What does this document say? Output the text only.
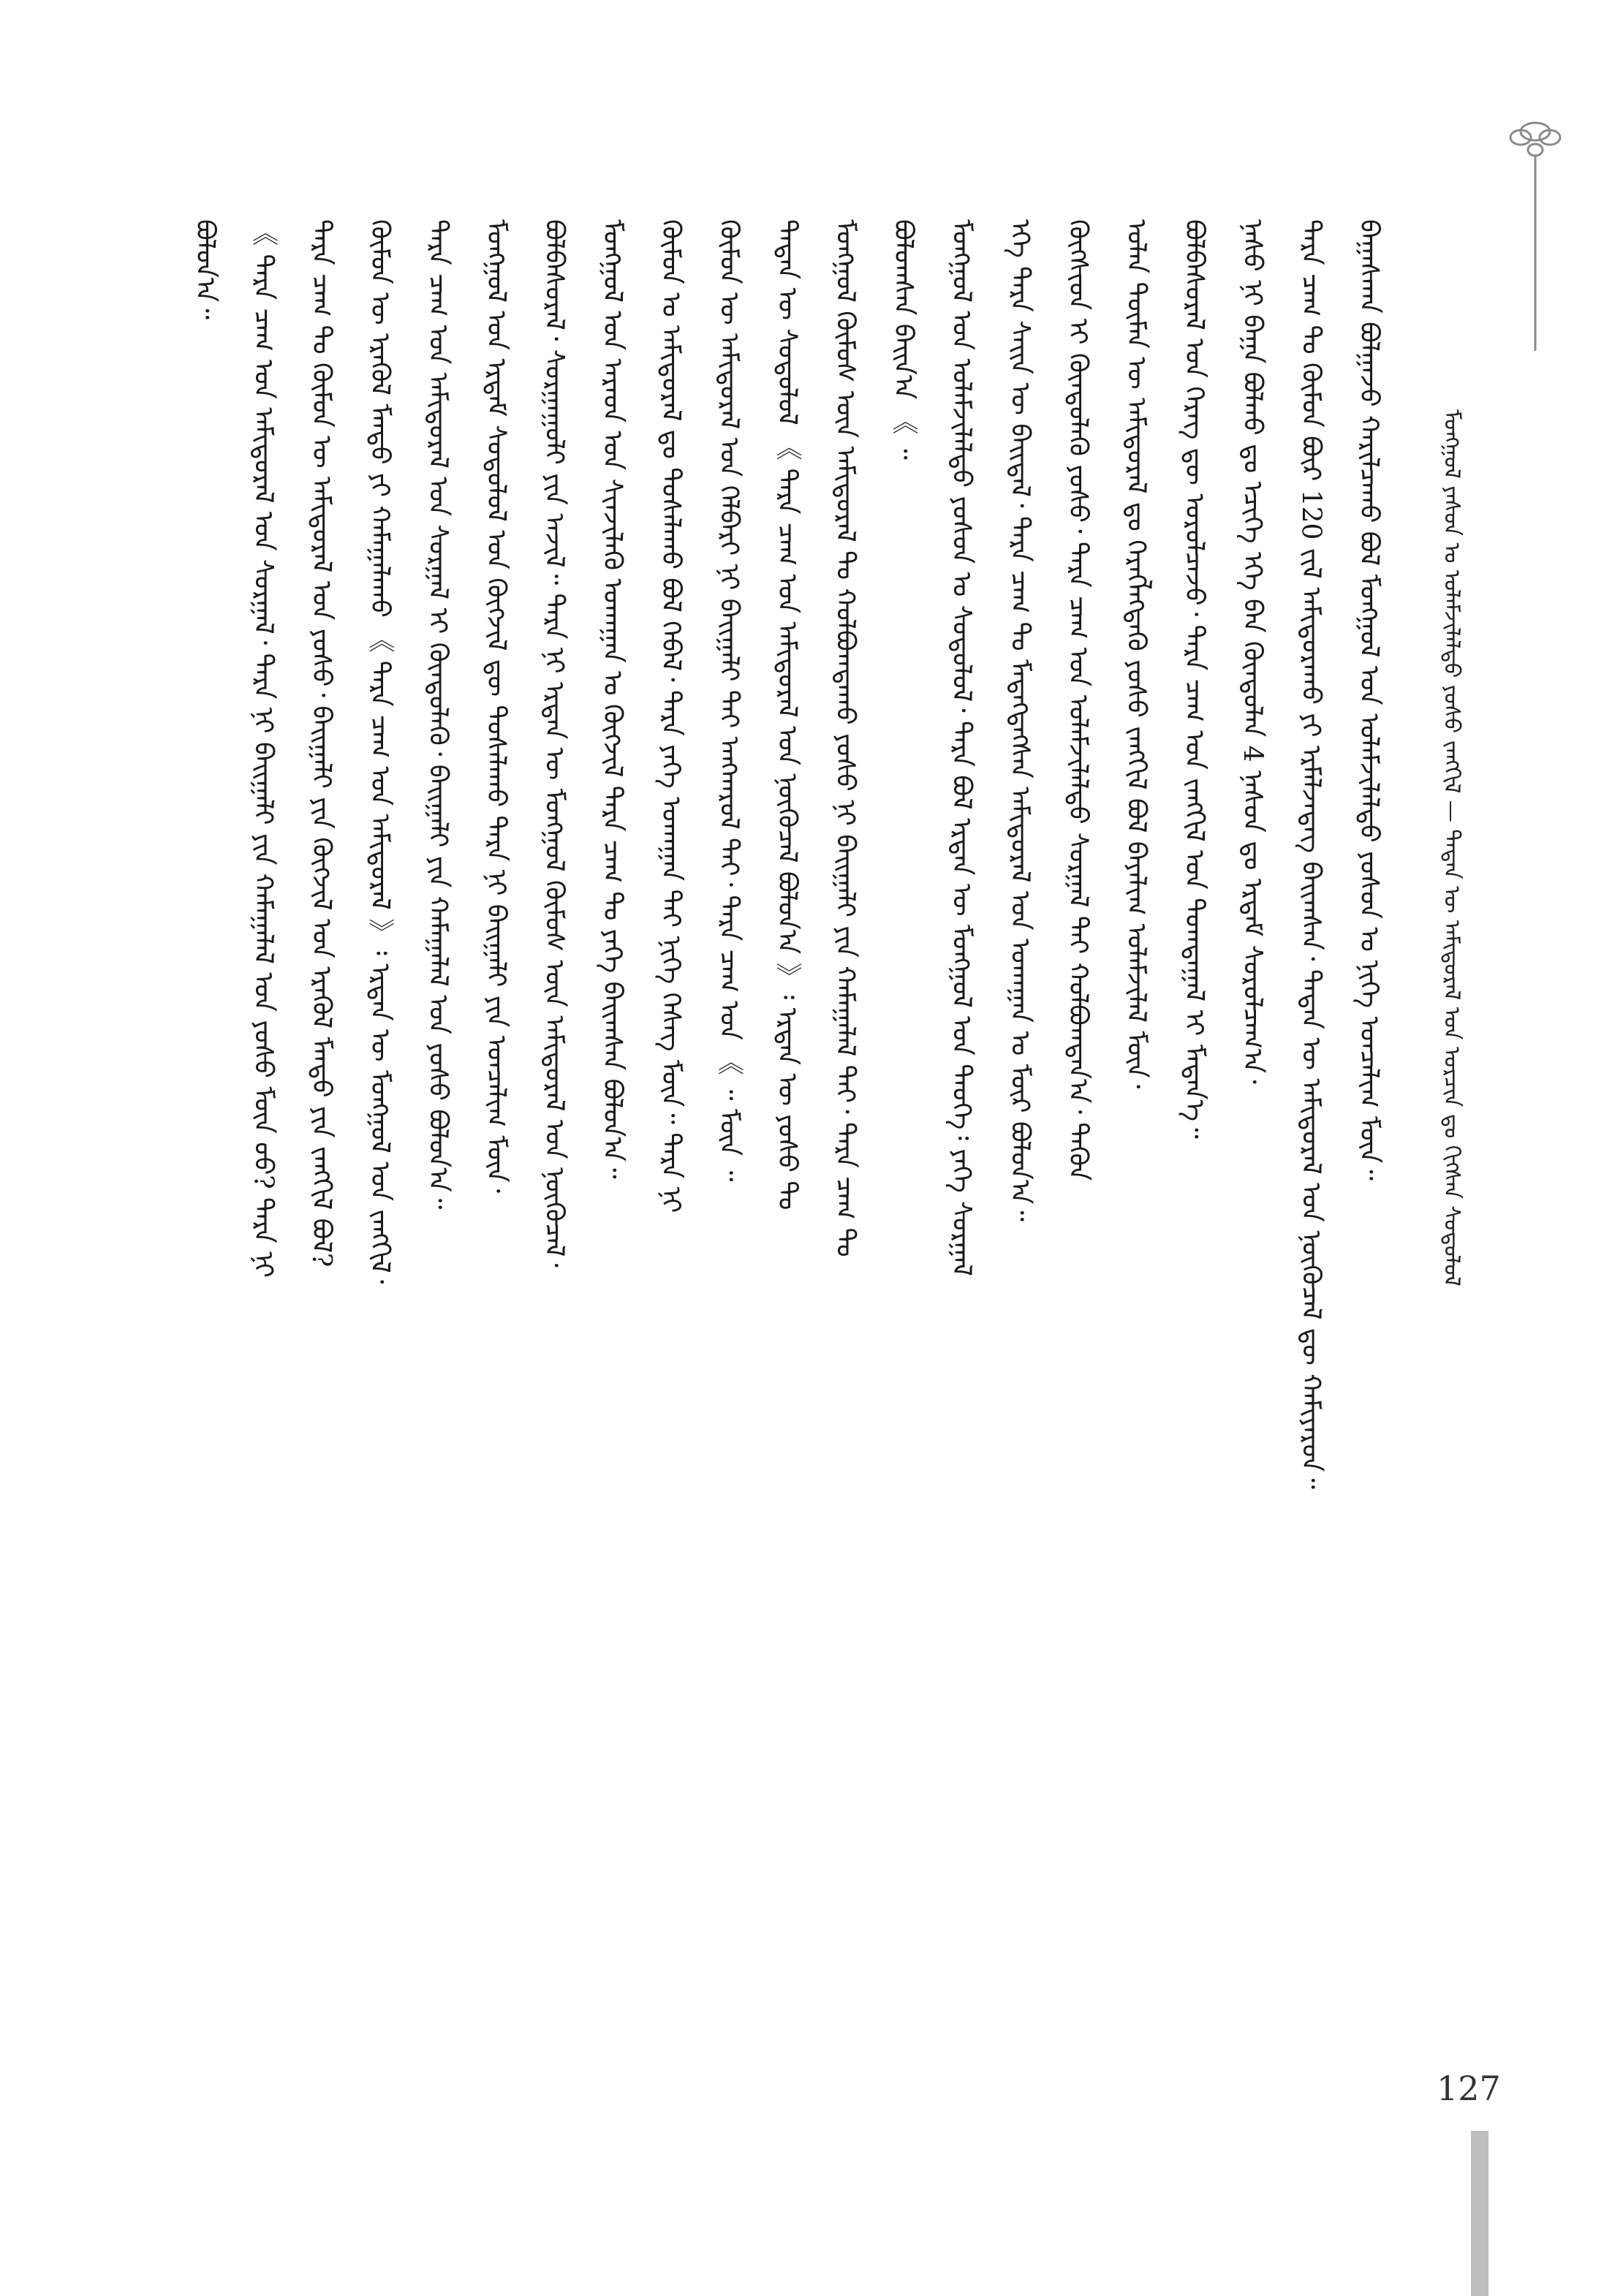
ᠮᠣᠩᠭᠣᠯ ᠶᠠᠰᠤᠨ ᠤ ᠤᠯᠠᠮᠵᠢᠯᠠᠯᠲᠤ ᠶᠣᠰᠤ ᠵᠠᠩᠬᠢᠯ — ᠲᠡᠳᠡᠨ ᠦ ᠠᠮᠢᠳᠤᠷᠠᠯ ᠤᠨ ᠣᠷᠴᠢᠨ ᠳᠤ ᠬᠢᠭᠰᠡᠨ ᠰᠤᠳᠤᠯᠤᠯ
ᠪᠠᠭᠠᠰᠬᠠᠨ ᠪᠣᠯᠭᠠᠵᠤ ᠬᠠᠷᠢᠯᠴᠠᠬᠤ ᠪᠣᠯ ᠮᠣᠩᠭᠣᠯ ᠤᠨ ᠤᠯᠠᠮᠵᠢᠯᠠᠯᠲᠤ ᠶᠣᠰᠤᠨ ᠤ ᠨᠢᠭᠡ ᠣᠨᠴᠠᠯᠢᠭ ᠮᠥᠨ᠃
ᠲᠡᠷᠡ ᠴᠠᠭ ᠲᠤ ᠬᠦᠮᠦᠨ ᠪᠦᠷ 120 ᠵᠢᠯ ᠠᠮᠢᠳᠤᠷᠠᠬᠤ ᠶᠢ ᠡᠷᠮᠡᠯᠵᠡᠳᠡᠭ ᠪᠠᠢᠭᠰᠠᠨ᠂ ᠲᠡᠳᠡᠨ ᠦ ᠠᠮᠢᠳᠤᠷᠠᠯ ᠤᠨ ᠨᠥᠬᠦᠴᠡᠯ ᠳᠦ ᠬᠠᠮᠢᠶᠠᠷᠤᠨ᠃
ᠨᠠᠰᠤ ᠨᠢ ᠪᠠᠭᠠ ᠪᠣᠯᠬᠤ ᠳᠤ ᠡᠴᠢᠭᠡ ᠡᠬᠡ ᠪᠡᠨ ᠬᠦᠨᠳᠦᠯᠡᠨ 4 ᠨᠠᠰᠤᠨ ᠳᠤ ᠡᠷᠳᠡᠮ ᠰᠤᠷᠤᠯᠴᠠᠭ᠎ᠠ᠂
ᠪᠣᠯᠪᠠᠰᠤᠷᠠᠯ ᠤᠨ ᠬᠡᠷᠡᠭ ᠳᠦ ᠣᠷᠣᠯᠴᠠᠵᠤ᠂ ᠲᠡᠷᠡ ᠴᠠᠭ ᠤᠨ ᠵᠠᠩᠬᠢᠯ ᠤᠨ ᠲᠣᠭᠲᠠᠭᠠᠯ ᠢ ᠮᠡᠳᠡᠨ᠎ᠡ᠃
ᠣᠯᠠᠨ ᠲᠦᠮᠡᠨ ᠦ ᠠᠮᠢᠳᠤᠷᠠᠯ ᠳᠤ ᠬᠡᠷᠡᠭᠯᠡᠭᠳᠡᠬᠦ ᠶᠣᠰᠤ ᠵᠠᠩᠬᠢᠯ ᠪᠣᠯ ᠪᠠᠶᠠᠯᠢᠭ ᠤᠯᠠᠮᠵᠢᠯᠠᠯ ᠮᠥᠨ᠂
ᠬᠥᠭᠰᠢᠳ ᠢ ᠬᠦᠨᠳᠦᠯᠡᠬᠦ ᠶᠣᠰᠤ᠂ ᠲᠡᠷᠡ ᠴᠠᠭ ᠤᠨ ᠤᠯᠠᠮᠵᠢᠯᠠᠯᠲᠤ ᠰᠤᠷᠭᠠᠯ ᠲᠠᠢ ᠬᠣᠯᠪᠣᠭᠳᠠᠨ᠎ᠠ᠂ ᠲᠡᠭᠦᠨ
ᠡᠬᠡ ᠲᠡᠷᠡ ᠰᠠᠢᠨ ᠦ ᠪᠠᠢᠳᠠᠯ᠂ ᠲᠡᠷᠡ ᠴᠠᠭ ᠲᠤ ᠮᠡᠳᠡᠭᠳᠡᠭᠰᠡᠨ ᠠᠮᠢᠳᠤᠷᠠᠯ ᠤᠨ ᠤᠬᠠᠭᠠᠨ ᠤ ᠮᠥᠷ ᠪᠣᠯᠤᠨ᠎ᠠ᠃
ᠮᠣᠩᠭᠣᠯ ᠤᠨ ᠤᠯᠠᠮᠵᠢᠯᠠᠯᠲᠤ ᠶᠣᠰᠤᠨ ᠤ ᠰᠤᠳᠤᠯᠤᠯ᠂ ᠲᠡᠷᠡ ᠪᠣᠯ ᠡᠷᠲᠡᠨ ᠦ ᠮᠣᠩᠭᠣᠯ ᠤᠨ ᠲᠡᠦᠬᠡ᠄ ᠶᠡᠬᠡ ᠰᠤᠷᠭᠠᠯ
ᠪᠣᠯᠤᠭᠰᠠᠨ ᠪᠠᠢᠨ᠎ᠠ 《 ᠃
ᠮᠣᠩᠭᠣᠯ ᠬᠥᠮᠦᠰ ᠦᠨ ᠠᠮᠢᠳᠤᠷᠠᠯ ᠲᠤ ᠬᠣᠯᠪᠣᠭᠳᠠᠬᠤ ᠶᠣᠰᠤ ᠨᠢ ᠪᠠᠢᠭᠠᠯᠢ ᠶᠢᠨ ᠬᠠᠮᠠᠭᠠᠯᠠᠯ ᠲᠠᠢ᠂ ᠲᠡᠷᠡ ᠴᠠᠭ ᠲᠤ
ᠲᠡᠳᠡᠨ ᠦ ᠰᠤᠳᠤᠯᠤᠯ 《 ᠲᠡᠷᠡ ᠴᠠᠭ ᠤᠨ ᠠᠮᠢᠳᠤᠷᠠᠯ ᠤᠨ ᠨᠥᠬᠦᠴᠡᠯ ᠪᠣᠯᠤᠨ᠎ᠠ 》᠄ ᠡᠷᠲᠡᠨ ᠦ ᠶᠣᠰᠤ ᠲᠤ
ᠬᠦᠮᠦᠨ ᠦ ᠠᠮᠢᠳᠤᠷᠠᠯ ᠤᠨ ᠬᠡᠯᠪᠡᠷᠢ ᠨᠢ ᠪᠠᠢᠭᠠᠯᠢ ᠲᠠᠢ ᠠᠩᠬᠠᠷᠤᠯ ᠲᠠᠢ᠂ ᠲᠡᠷᠡ ᠴᠠᠭ ᠤᠨ 《 ᠃ ᠮᠥᠨ ᠃
ᠬᠦᠮᠦᠨ ᠤ ᠠᠮᠢᠳᠤᠷᠠᠯ ᠳᠤ ᠲᠤᠰᠠᠯᠠᠬᠤ ᠪᠣᠯ ᠭᠡᠪᠡᠯ᠂ ᠲᠡᠷᠡ ᠶᠡᠬᠡ ᠤᠬᠠᠭᠠᠨ ᠲᠠᠢ ᠨᠢᠭᠡ ᠬᠡᠰᠡᠭ ᠮᠥᠨ᠃ ᠲᠡᠷᠡ ᠨᠢ
ᠮᠣᠩᠭᠣᠯ ᠤᠨ ᠠᠷᠠᠳ ᠤᠨ ᠰᠢᠨᠵᠢᠯᠡᠬᠦ ᠤᠬᠠᠭᠠᠨ ᠤ ᠬᠥᠭᠵᠢᠯ ᠲᠡᠷᠡ ᠴᠠᠭ ᠲᠤ ᠶᠡᠬᠡ ᠪᠠᠢᠭᠰᠠᠨ ᠪᠣᠯᠤᠨ᠎ᠠ᠃
ᠪᠣᠯᠪᠠᠰᠤᠷᠠᠯ᠂ ᠰᠤᠷᠭᠠᠭᠤᠯᠢ ᠶᠢᠨ ᠠᠵᠢᠯ᠃ ᠲᠡᠷᠡ ᠨᠢ ᠡᠷᠲᠡᠨ ᠦ ᠮᠣᠩᠭᠣᠯ ᠬᠦᠮᠦᠰ ᠦᠨ ᠠᠮᠢᠳᠤᠷᠠᠯ ᠤᠨ ᠨᠥᠬᠦᠴᠡᠯ᠂
ᠮᠣᠩᠭᠣᠯ ᠤᠨ ᠡᠷᠳᠡᠮ ᠰᠤᠳᠤᠯᠤᠯ ᠤᠨ ᠬᠥᠭᠵᠢᠯ ᠳᠦ ᠲᠤᠰᠠᠯᠠᠬᠤ ᠲᠡᠷᠡ ᠨᠢ ᠪᠠᠢᠭᠠᠯᠢ ᠶᠢᠨ ᠣᠨᠴᠠᠯᠢᠭ ᠮᠥᠨ᠂
ᠲᠡᠷᠡ ᠴᠠᠭ ᠤᠨ ᠠᠮᠢᠳᠤᠷᠠᠯ ᠤᠨ ᠰᠤᠷᠭᠠᠯ ᠢ ᠬᠦᠨᠳᠦᠯᠡᠬᠦ᠂ ᠪᠠᠢᠭᠠᠯᠢ ᠶᠢᠨ ᠬᠠᠮᠠᠭᠠᠯᠠᠯ ᠤᠨ ᠶᠣᠰᠤ ᠪᠣᠯᠤᠨ᠎ᠠ᠃
ᠬᠦᠮᠦᠨ ᠦ ᠡᠷᠡᠬᠦᠯ ᠮᠡᠨᠳᠦ ᠶᠢ ᠬᠠᠮᠠᠭᠠᠯᠠᠬᠤ 《 ᠲᠡᠷᠡ ᠴᠠᠭ ᠤᠨ ᠠᠮᠢᠳᠤᠷᠠᠯ 》᠄ ᠡᠷᠲᠡᠨ ᠦ ᠮᠣᠩᠭᠣᠯ ᠤᠨ ᠵᠠᠩᠬᠢᠯ᠂
ᠲᠡᠷᠡ ᠴᠠᠭ ᠲᠤ ᠬᠦᠮᠦᠨ ᠦ ᠠᠮᠢᠳᠤᠷᠠᠯ ᠤᠨ ᠶᠣᠰᠤ᠂ ᠪᠠᠢᠭᠠᠯᠢ ᠶᠢᠨ ᠬᠥᠭᠵᠢᠯ ᠤᠨ ᠡᠷᠡᠬᠦᠯ ᠮᠡᠨᠳᠦ ᠶᠢᠨ ᠵᠠᠩᠬᠢᠯ ᠪᠣᠯ?
《 ᠲᠡᠷᠡ ᠴᠠᠭ ᠤᠨ ᠠᠮᠢᠳᠤᠷᠠᠯ ᠤᠨ ᠰᠤᠷᠭᠠᠯ᠂ ᠲᠡᠷᠡ ᠨᠢ ᠪᠠᠢᠭᠠᠯᠢ ᠶᠢᠨ ᠬᠠᠮᠠᠭᠠᠯᠠᠯ ᠤᠨ ᠶᠣᠰᠤ ᠮᠥᠨ ᠦᠦ? ᠲᠡᠷᠡ ᠨᠢ
ᠪᠣᠯᠤᠨ᠎ᠠ᠃
127
